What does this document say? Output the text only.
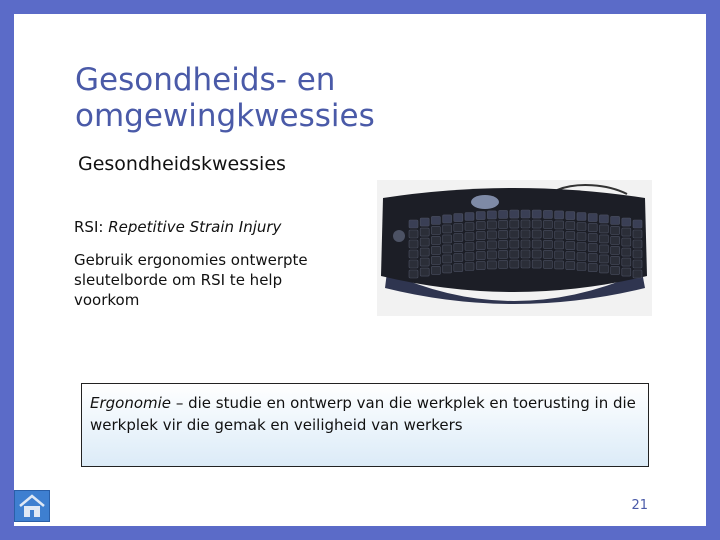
Gesondheids- en
omgewingkwessies
Gesondheidskwessies
RSI: Repetitive Strain Injury
Gebruik ergonomies ontwerpte sleutelborde om RSI te help voorkom
Ergonomie – die studie en ontwerp van die werkplek en toerusting in die werkplek vir die gemak en veiligheid van werkers
21
